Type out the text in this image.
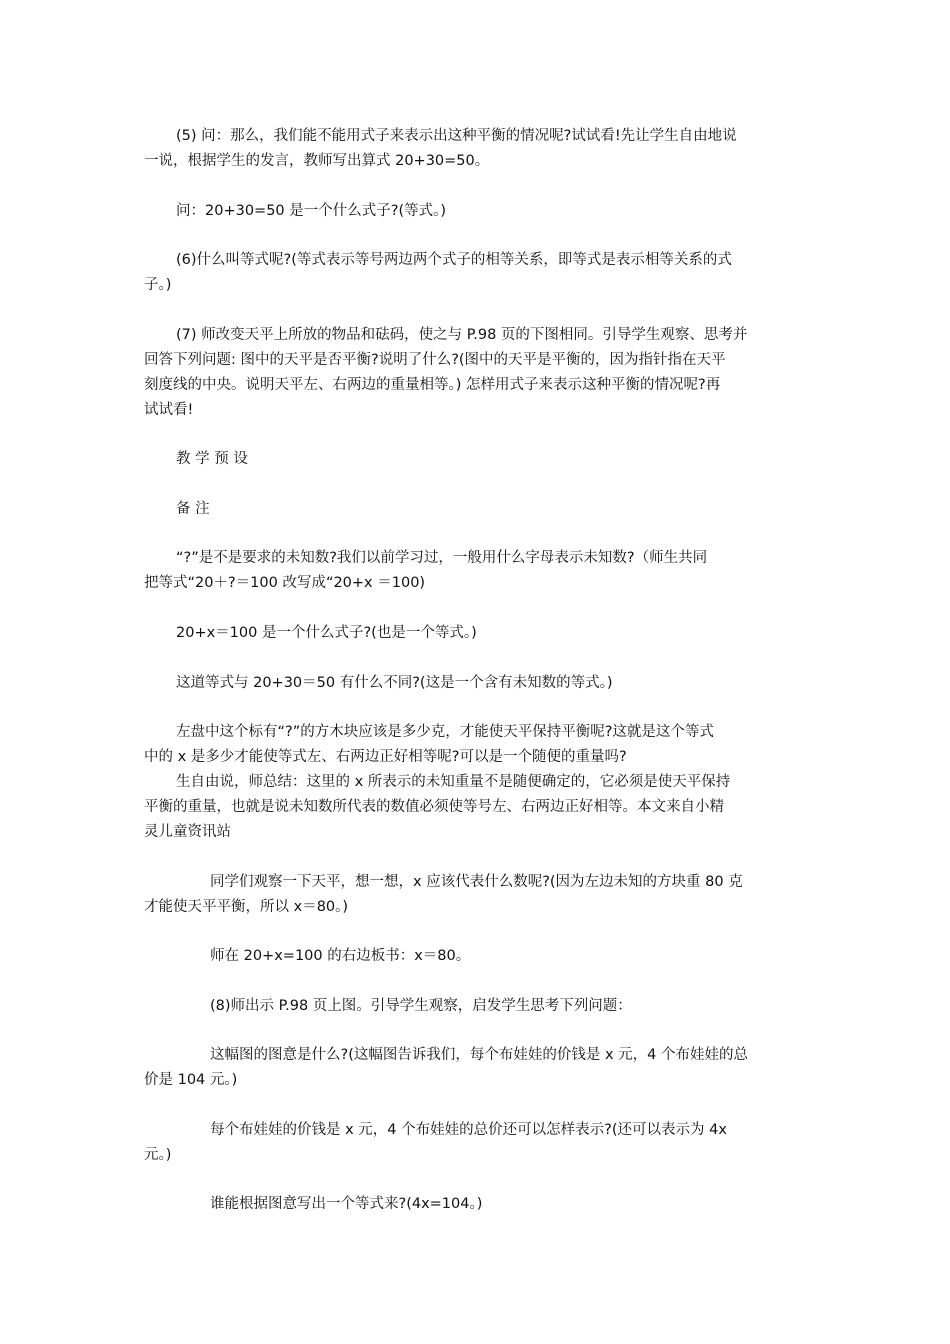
(5) 问：那么，我们能不能用式子来表示出这种平衡的情况呢?试试看!先让学生自由地说
一说，根据学生的发言，教师写出算式 20+30=50。
问：20+30=50 是一个什么式子?(等式。)
(6)什么叫等式呢?(等式表示等号两边两个式子的相等关系，即等式是表示相等关系的式
子。)
(7) 师改变天平上所放的物品和砝码，使之与 P.98 页的下图相同。引导学生观察、思考并
回答下列问题: 图中的天平是否平衡?说明了什么?(图中的天平是平衡的，因为指针指在天平
刻度线的中央。说明天平左、右两边的重量相等。) 怎样用式子来表示这种平衡的情况呢?再
试试看!
教 学 预 设
备 注
“?”是不是要求的未知数?我们以前学习过，一般用什么字母表示未知数?（师生共同
把等式“20＋?＝100 改写成“20+x ＝100)
20+x＝100 是一个什么式子?(也是一个等式。)
这道等式与 20+30＝50 有什么不同?(这是一个含有未知数的等式。)
左盘中这个标有“?”的方木块应该是多少克，才能使天平保持平衡呢?这就是这个等式
中的 x 是多少才能使等式左、右两边正好相等呢?可以是一个随便的重量吗?
生自由说，师总结：这里的 x 所表示的未知重量不是随便确定的，它必须是使天平保持
平衡的重量，也就是说未知数所代表的数值必须使等号左、右两边正好相等。本文来自小精
灵儿童资讯站
同学们观察一下天平，想一想，x 应该代表什么数呢?(因为左边未知的方块重 80 克
才能使天平平衡，所以 x＝80。)
师在 20+x=100 的右边板书：x＝80。
(8)师出示 P.98 页上图。引导学生观察，启发学生思考下列问题：
这幅图的图意是什么?(这幅图告诉我们，每个布娃娃的价钱是 x 元，4 个布娃娃的总
价是 104 元。)
每个布娃娃的价钱是 x 元，4 个布娃娃的总价还可以怎样表示?(还可以表示为 4x
元。)
谁能根据图意写出一个等式来?(4x=104。)
